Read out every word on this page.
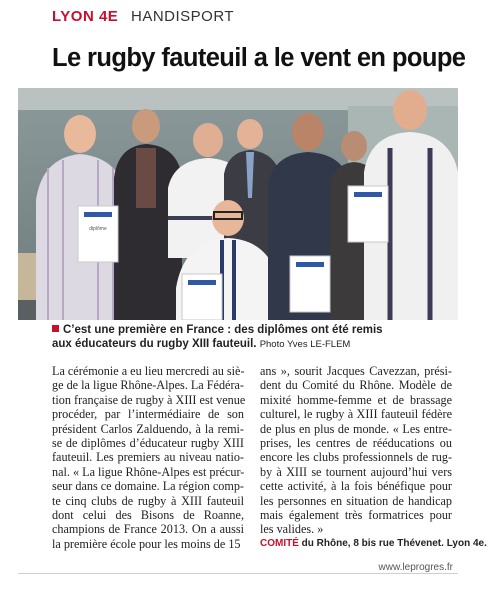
LYON 4E HANDISPORT
Le rugby fauteuil a le vent en poupe
diplôme
C’est une première en France : des diplômes ont été remis
aux éducateurs du rugby XIII fauteuil. Photo Yves LE-FLEM
La cérémonie a eu lieu mercredi au siè-
ge de la ligue Rhône-Alpes. La Fédéra-
tion française de rugby à XIII est venue
procéder, par l’intermédiaire de son
président Carlos Zalduendo, à la remi-
se de diplômes d’éducateur rugby XIII
fauteuil. Les premiers au niveau natio-
nal. « La ligue Rhône-Alpes est précur-
seur dans ce domaine. La région comp-
te cinq clubs de rugby à XIII fauteuil
dont celui des Bisons de Roanne,
champions de France 2013. On a aussi
la première école pour les moins de 15
ans », sourit Jacques Cavezzan, prési-
dent du Comité du Rhône. Modèle de
mixité homme-femme et de brassage
culturel, le rugby à XIII fauteuil fédère
de plus en plus de monde. « Les entre-
prises, les centres de rééducations ou
encore les clubs professionnels de rug-
by à XIII se tournent aujourd’hui vers
cette activité, à la fois bénéfique pour
les personnes en situation de handicap
mais également très formatrices pour
les valides. »
COMITÉ du Rhône, 8 bis rue Thévenet. Lyon 4e.
www.leprogres.fr
